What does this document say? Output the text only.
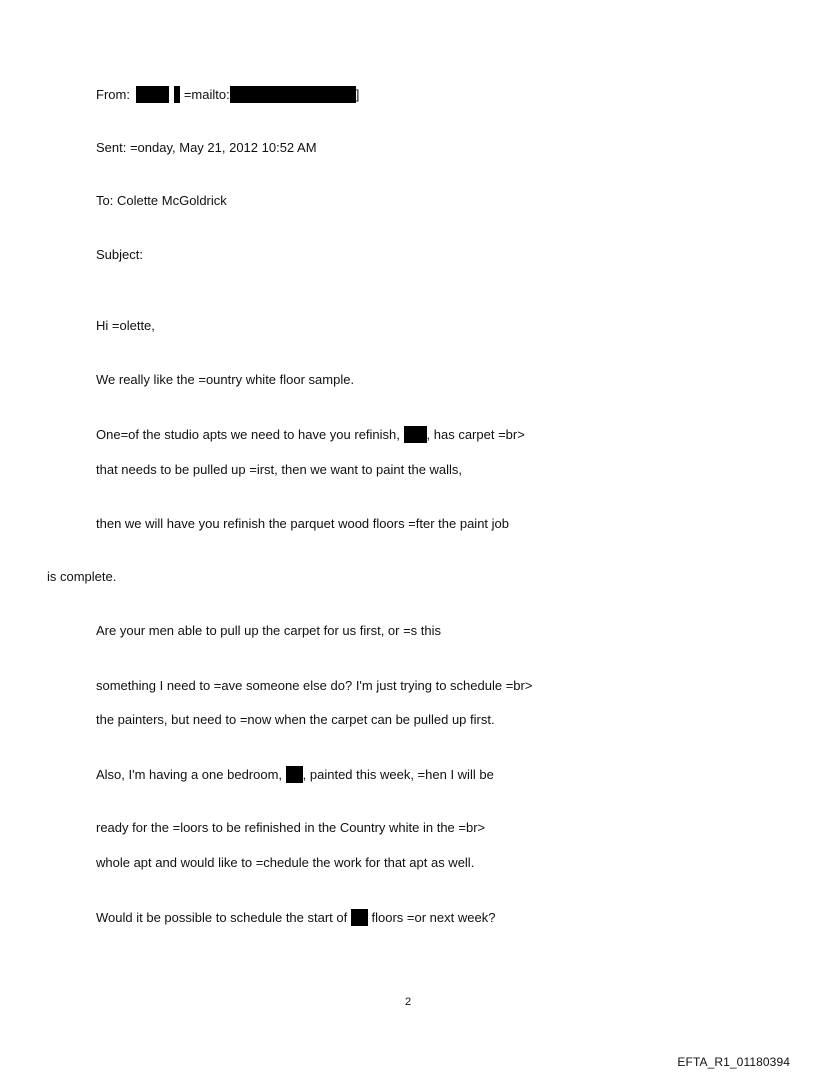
From:	=mailto:	]
Sent: =onday, May 21, 2012 10:52 AM
To: Colette McGoldrick
Subject:
Hi =olette,
We really like the =ountry white floor sample.
One=of the studio apts we need to have you refinish, , has carpet =br>
that needs to be pulled up =irst, then we want to paint the walls,
then we will have you refinish the parquet wood floors =fter the paint job
is complete.
Are your men able to pull up the carpet for us first, or =s this
something I need to =ave someone else do? I'm just trying to schedule =br>
the painters, but need to =now when the carpet can be pulled up first.
Also, I'm having a one bedroom, , painted this week, =hen I will be
ready for the =loors to be refinished in the Country white in the =br>
whole apt and would like to =chedule the work for that apt as well.
Would it be possible to schedule the start of floors =or next week?
2
EFTA_R1_01180394
